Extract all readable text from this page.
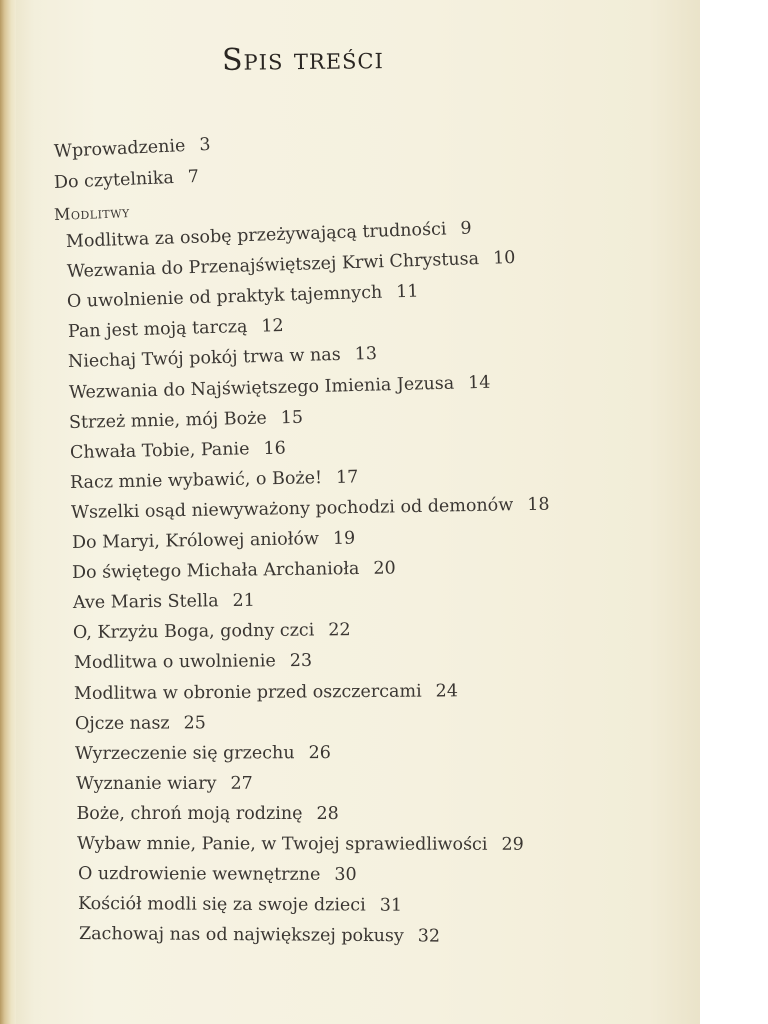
Spis treści
Wprowadzenie 3
Do czytelnika 7
Modlitwy
Modlitwa za osobę przeżywającą trudności 9
Wezwania do Przenajświętszej Krwi Chrystusa 10
O uwolnienie od praktyk tajemnych 11
Pan jest moją tarczą 12
Niechaj Twój pokój trwa w nas 13
Wezwania do Najświętszego Imienia Jezusa 14
Strzeż mnie, mój Boże 15
Chwała Tobie, Panie 16
Racz mnie wybawić, o Boże! 17
Wszelki osąd niewyważony pochodzi od demonów 18
Do Maryi, Królowej aniołów 19
Do świętego Michała Archanioła 20
Ave Maris Stella 21
O, Krzyżu Boga, godny czci 22
Modlitwa o uwolnienie 23
Modlitwa w obronie przed oszczercami 24
Ojcze nasz 25
Wyrzeczenie się grzechu 26
Wyznanie wiary 27
Boże, chroń moją rodzinę 28
Wybaw mnie, Panie, w Twojej sprawiedliwości 29
O uzdrowienie wewnętrzne 30
Kościół modli się za swoje dzieci 31
Zachowaj nas od największej pokusy 32
